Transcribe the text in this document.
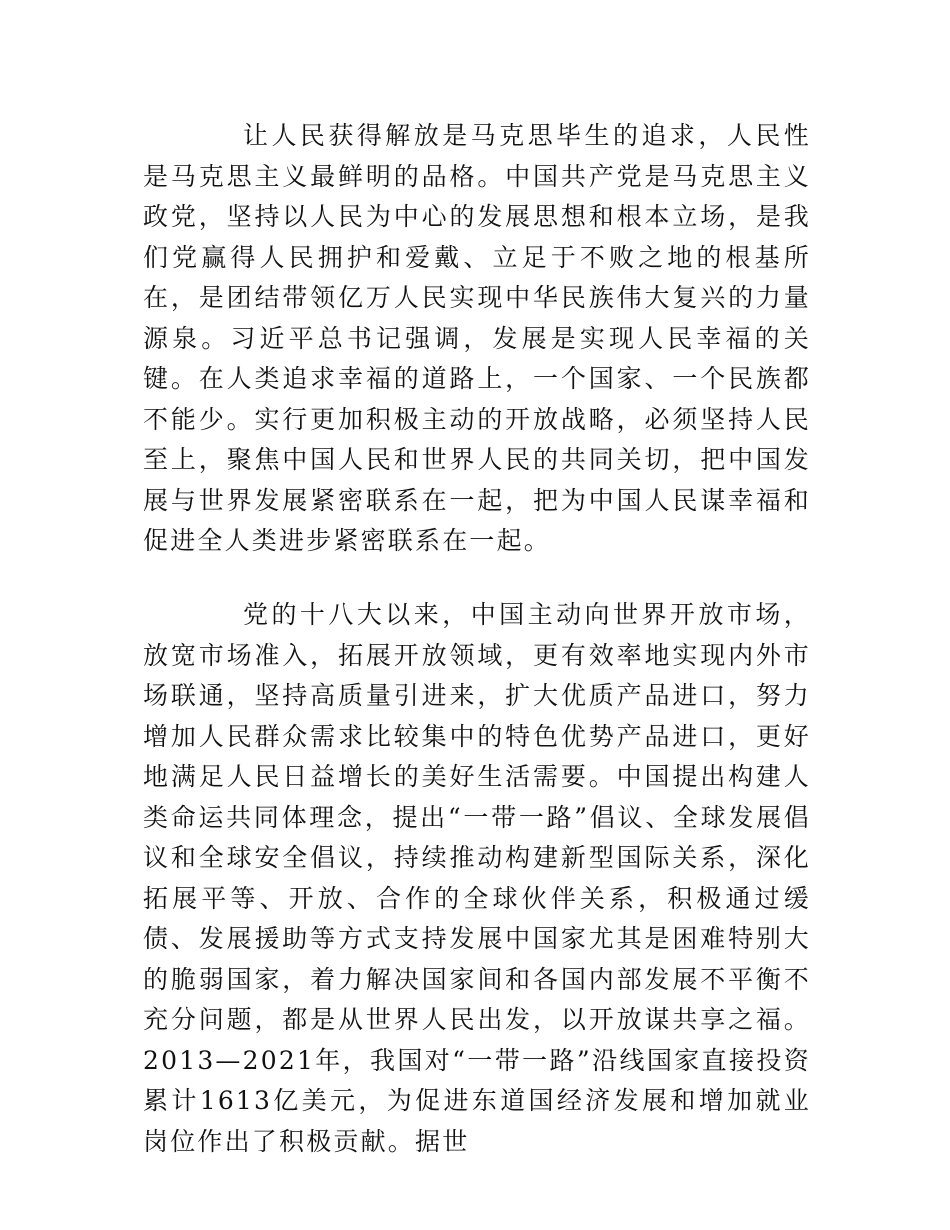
让人民获得解放是马克思毕生的追求，人民性是马克思主义最鲜明的品格。中国共产党是马克思主义政党，坚持以人民为中心的发展思想和根本立场，是我们党赢得人民拥护和爱戴、立足于不败之地的根基所在，是团结带领亿万人民实现中华民族伟大复兴的力量源泉。习近平总书记强调，发展是实现人民幸福的关键。在人类追求幸福的道路上，一个国家、一个民族都不能少。实行更加积极主动的开放战略，必须坚持人民至上，聚焦中国人民和世界人民的共同关切，把中国发展与世界发展紧密联系在一起，把为中国人民谋幸福和促进全人类进步紧密联系在一起。

党的十八大以来，中国主动向世界开放市场，放宽市场准入，拓展开放领域，更有效率地实现内外市场联通，坚持高质量引进来，扩大优质产品进口，努力增加人民群众需求比较集中的特色优势产品进口，更好地满足人民日益增长的美好生活需要。中国提出构建人类命运共同体理念，提出“一带一路”倡议、全球发展倡议和全球安全倡议，持续推动构建新型国际关系，深化拓展平等、开放、合作的全球伙伴关系，积极通过缓债、发展援助等方式支持发展中国家尤其是困难特别大的脆弱国家，着力解决国家间和各国内部发展不平衡不充分问题，都是从世界人民出发，以开放谋共享之福。2013—2021年，我国对“一带一路”沿线国家直接投资累计1613亿美元，为促进东道国经济发展和增加就业岗位作出了积极贡献。据世
